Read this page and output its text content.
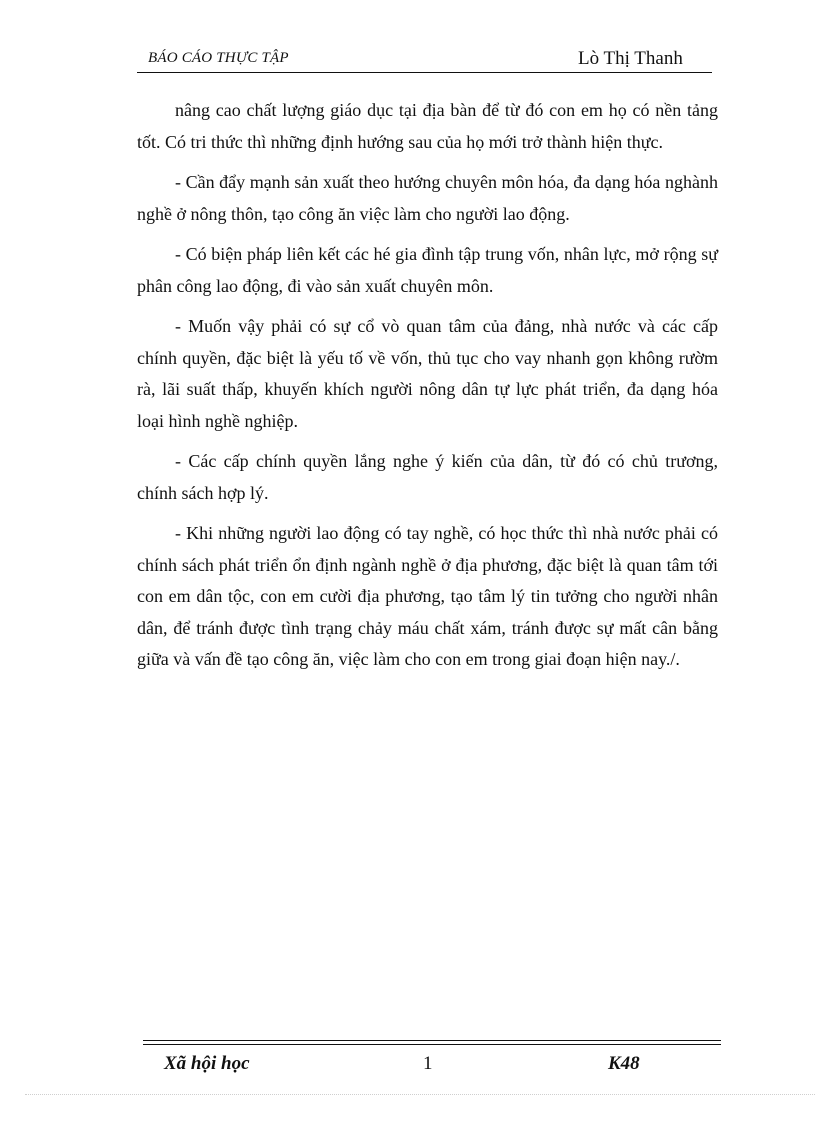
BÁO CÁO THỰC TẬP	Lò Thị Thanh

nâng cao chất lượng giáo dục tại địa bàn để từ đó con em họ có nền tảng tốt. Có tri thức thì những định hướng sau của họ mới trở thành hiện thực.

- Cần đẩy mạnh sản xuất theo hướng chuyên môn hóa, đa dạng hóa nghành nghề ở nông thôn, tạo công ăn việc làm cho người lao động.

- Có biện pháp liên kết các hé gia đình tập trung vốn, nhân lực, mở rộng sự phân công lao động, đi vào sản xuất chuyên môn.

- Muốn vậy phải có sự cổ vò quan tâm của đảng, nhà nước và các cấp chính quyền, đặc biệt là yếu tố về vốn, thủ tục cho vay nhanh gọn không rườm rà, lãi suất thấp, khuyến khích người nông dân tự lực phát triển, đa dạng hóa loại hình nghề nghiệp.

- Các cấp chính quyền lắng nghe ý kiến của dân, từ đó có chủ trương, chính sách hợp lý.

- Khi những người lao động có tay nghề, có học thức thì nhà nước phải có chính sách phát triển ổn định ngành nghề ở địa phương, đặc biệt là quan tâm tới con em dân tộc, con em cười địa phương, tạo tâm lý tin tưởng cho người nhân dân, để tránh được tình trạng chảy máu chất xám, tránh được sự mất cân bằng giữa và vấn đề tạo công ăn, việc làm cho con em trong giai đoạn hiện nay./.

Xã hội học	1	K48
